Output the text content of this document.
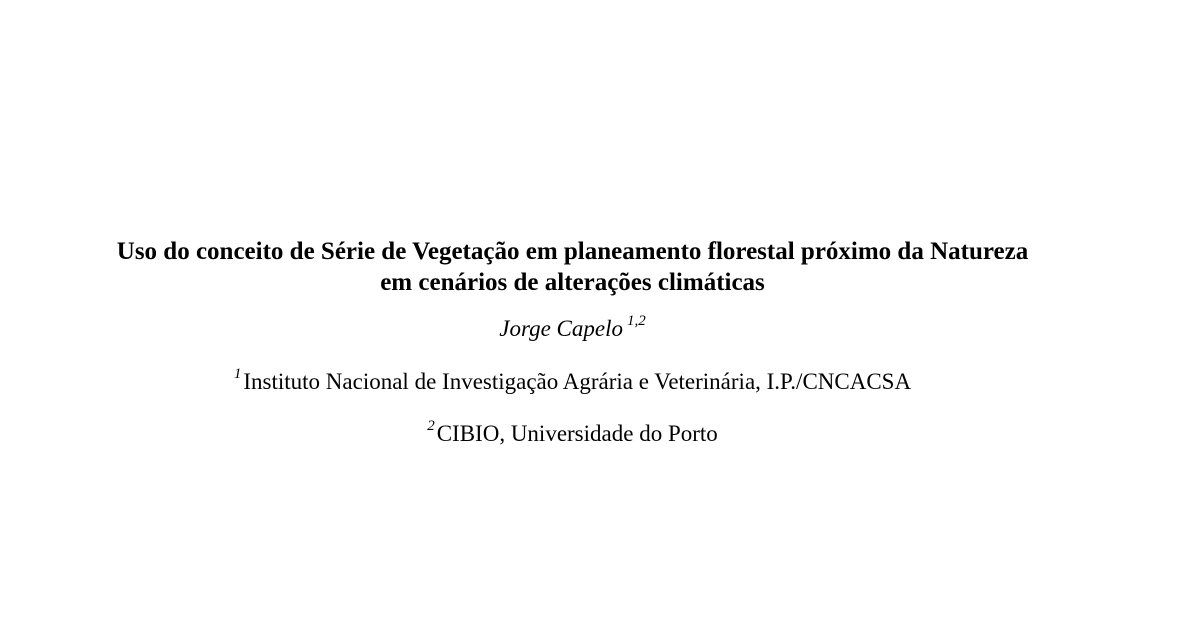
Uso do conceito de Série de Vegetação em planeamento florestal próximo da Natureza
em cenários de alterações climáticas
Jorge Capelo $^{1,2}$
$^1$Instituto Nacional de Investigação Agrária e Veterinária, I.P./CNCACSA
$^2$CIBIO, Universidade do Porto
